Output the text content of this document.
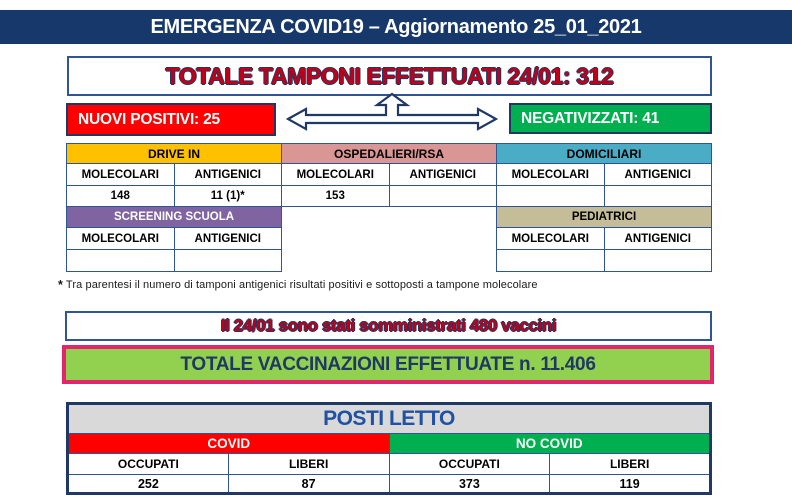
EMERGENZA COVID19 – Aggiornamento 25_01_2021
TOTALE TAMPONI EFFETTUATI 24/01: 312
NUOVI POSITIVI: 25	NEGATIVIZZATI: 41
DRIVE IN		OSPEDALIERI/RSA		DOMICILIARI	
MOLECOLARI	ANTIGENICI	MOLECOLARI	ANTIGENICI	MOLECOLARI	ANTIGENICI
148	11 (1)*	153			
SCREENING SCUOLA				PEDIATRICI	
MOLECOLARI	ANTIGENICI			MOLECOLARI	ANTIGENICI

* Tra parentesi il numero di tamponi antigenici risultati positivi e sottoposti a tampone molecolare
Il 24/01 sono stati somministrati 480 vaccini
TOTALE VACCINAZIONI EFFETTUATE n. 11.406
POSTI LETTO			
COVID		NO COVID	
OCCUPATI	LIBERI	OCCUPATI	LIBERI
252	87	373	119
